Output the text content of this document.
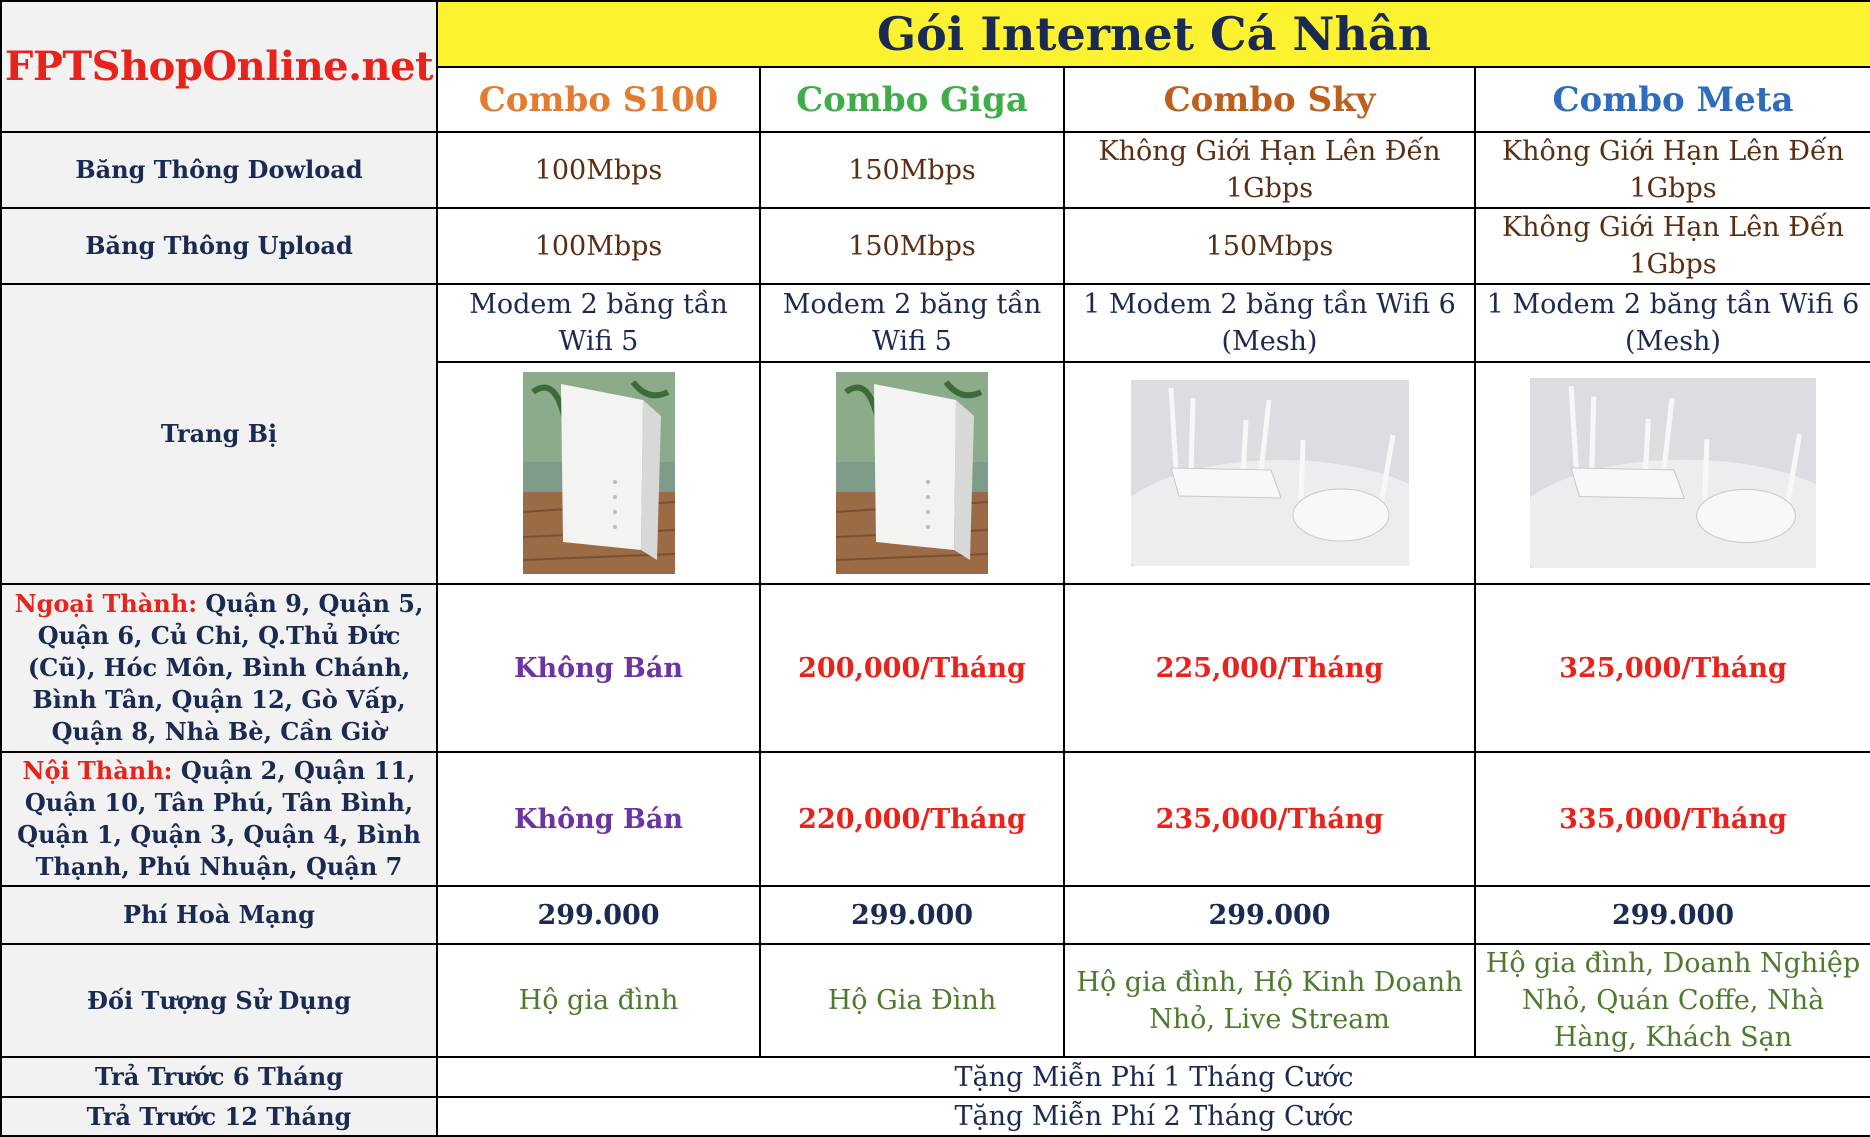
FPTShopOnline.net	Gói Internet Cá Nhân			
	Combo S100	Combo Giga	Combo Sky	Combo Meta
Băng Thông Dowload	100Mbps	150Mbps	Không Giới Hạn Lên Đến 1Gbps	Không Giới Hạn Lên Đến 1Gbps
Băng Thông Upload	100Mbps	150Mbps	150Mbps	Không Giới Hạn Lên Đến 1Gbps
Trang Bị	Modem 2 băng tần Wifi 5	Modem 2 băng tần Wifi 5	1 Modem 2 băng tần Wifi 6 (Mesh)	1 Modem 2 băng tần Wifi 6 (Mesh)

Ngoại Thành: Quận 9, Quận 5, Quận 6, Củ Chi, Q.Thủ Đức (Cũ), Hóc Môn, Bình Chánh, Bình Tân, Quận 12, Gò Vấp, Quận 8, Nhà Bè, Cần Giờ	Không Bán	200,000/Tháng	225,000/Tháng	325,000/Tháng
Nội Thành: Quận 2, Quận 11, Quận 10, Tân Phú, Tân Bình, Quận 1, Quận 3, Quận 4, Bình Thạnh, Phú Nhuận, Quận 7	Không Bán	220,000/Tháng	235,000/Tháng	335,000/Tháng
Phí Hoà Mạng	299.000	299.000	299.000	299.000
Đối Tượng Sử Dụng	Hộ gia đình	Hộ Gia Đình	Hộ gia đình, Hộ Kinh Doanh Nhỏ, Live Stream	Hộ gia đình, Doanh Nghiệp Nhỏ, Quán Coffe, Nhà Hàng, Khách Sạn
Trả Trước 6 Tháng	Tặng Miễn Phí 1 Tháng Cước			
Trả Trước 12 Tháng	Tặng Miễn Phí 2 Tháng Cước			
